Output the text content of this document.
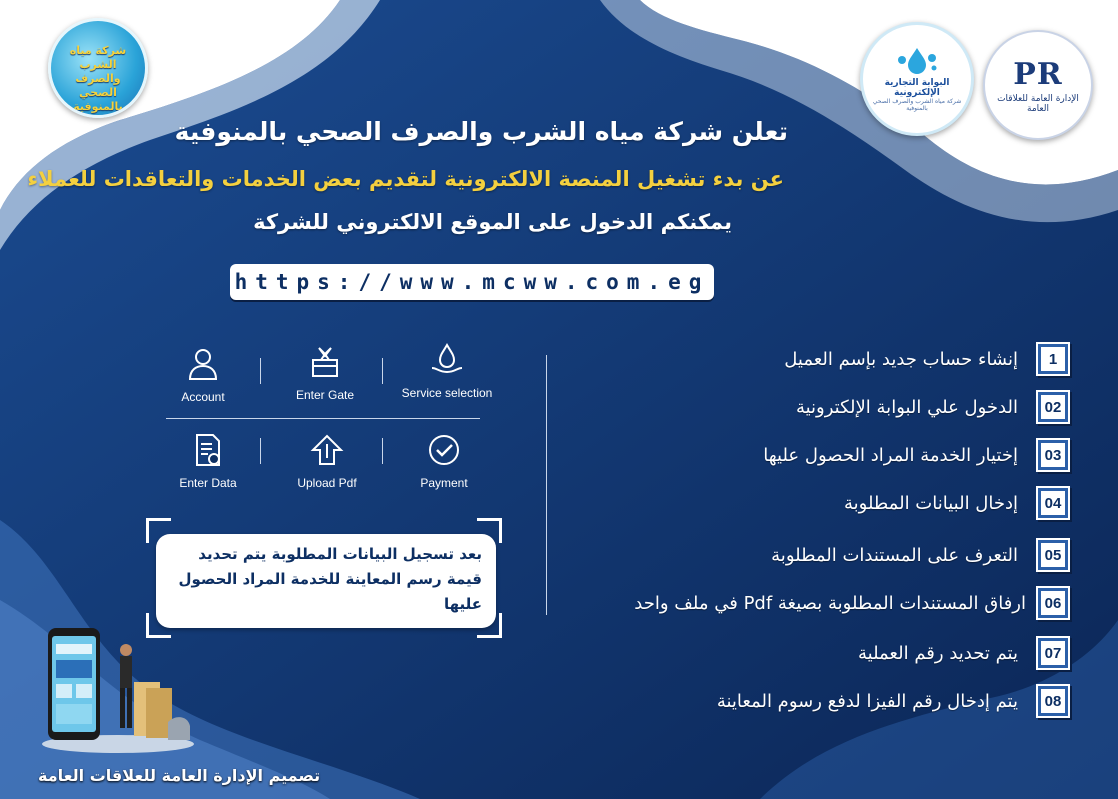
PR
الإدارة العامة للعلاقات العامة
البوابة التجارية الإلكترونية
شركة مياه الشرب والصرف الصحي بالمنوفية
شركة مياه الشرب والصرف الصحي بالمنوفية
تعلن شركة مياه الشرب والصرف الصحي بالمنوفية
عن بدء تشغيل المنصة الالكترونية لتقديم بعض الخدمات والتعاقدات للعملاء
يمكنكم الدخول على الموقع الالكتروني للشركة
https://www.mcww.com.eg
Account	Enter Gate	Service selection
Enter Data	Upload Pdf	Payment
بعد تسجيل البيانات المطلوبة يتم تحديد قيمة رسم المعاينة للخدمة المراد الحصول عليها
1
إنشاء حساب جديد بإسم العميل
02
الدخول علي البوابة الإلكترونية
03
إختيار الخدمة المراد الحصول عليها
04
إدخال البيانات المطلوبة
05
التعرف على المستندات المطلوبة
06
ارفاق المستندات المطلوبة بصيغة Pdf في ملف واحد
07
يتم تحديد رقم العملية
08
يتم إدخال رقم الفيزا لدفع رسوم المعاينة
تصميم الإدارة العامة للعلاقات العامة
